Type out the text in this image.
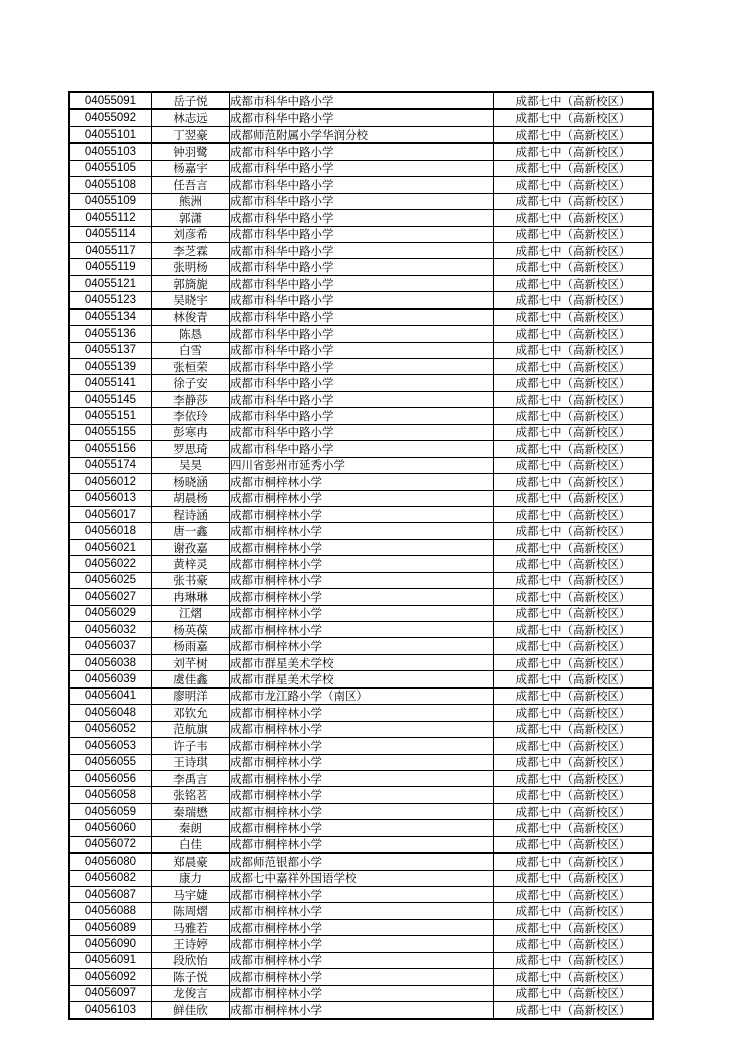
04055091	岳子悦	成都市科华中路小学	成都七中（高新校区）
04055092	林志远	成都市科华中路小学	成都七中（高新校区）
04055101	丁翌豪	成都师范附属小学华润分校	成都七中（高新校区）
04055103	钟羽鹭	成都市科华中路小学	成都七中（高新校区）
04055105	杨嘉宇	成都市科华中路小学	成都七中（高新校区）
04055108	任吾言	成都市科华中路小学	成都七中（高新校区）
04055109	熊洲	成都市科华中路小学	成都七中（高新校区）
04055112	郭潇	成都市科华中路小学	成都七中（高新校区）
04055114	刘彦希	成都市科华中路小学	成都七中（高新校区）
04055117	李芝霖	成都市科华中路小学	成都七中（高新校区）
04055119	张明杨	成都市科华中路小学	成都七中（高新校区）
04055121	郭旖旎	成都市科华中路小学	成都七中（高新校区）
04055123	吴晓宇	成都市科华中路小学	成都七中（高新校区）
04055134	林俊青	成都市科华中路小学	成都七中（高新校区）
04055136	陈恳	成都市科华中路小学	成都七中（高新校区）
04055137	白雪	成都市科华中路小学	成都七中（高新校区）
04055139	张桓荣	成都市科华中路小学	成都七中（高新校区）
04055141	徐子安	成都市科华中路小学	成都七中（高新校区）
04055145	李静莎	成都市科华中路小学	成都七中（高新校区）
04055151	李依玲	成都市科华中路小学	成都七中（高新校区）
04055155	彭寒冉	成都市科华中路小学	成都七中（高新校区）
04055156	罗思琦	成都市科华中路小学	成都七中（高新校区）
04055174	吴昊	四川省彭州市延秀小学	成都七中（高新校区）
04056012	杨晓涵	成都市桐梓林小学	成都七中（高新校区）
04056013	胡晨杨	成都市桐梓林小学	成都七中（高新校区）
04056017	程诗涵	成都市桐梓林小学	成都七中（高新校区）
04056018	唐一鑫	成都市桐梓林小学	成都七中（高新校区）
04056021	谢孜嘉	成都市桐梓林小学	成都七中（高新校区）
04056022	黄梓灵	成都市桐梓林小学	成都七中（高新校区）
04056025	张书豪	成都市桐梓林小学	成都七中（高新校区）
04056027	冉琳琳	成都市桐梓林小学	成都七中（高新校区）
04056029	江熠	成都市桐梓林小学	成都七中（高新校区）
04056032	杨英葆	成都市桐梓林小学	成都七中（高新校区）
04056037	杨雨嘉	成都市桐梓林小学	成都七中（高新校区）
04056038	刘芊树	成都市群星美术学校	成都七中（高新校区）
04056039	虞佳鑫	成都市群星美术学校	成都七中（高新校区）
04056041	廖明洋	成都市龙江路小学（南区）	成都七中（高新校区）
04056048	邓钦允	成都市桐梓林小学	成都七中（高新校区）
04056052	范航旗	成都市桐梓林小学	成都七中（高新校区）
04056053	许子韦	成都市桐梓林小学	成都七中（高新校区）
04056055	王诗琪	成都市桐梓林小学	成都七中（高新校区）
04056056	李禹言	成都市桐梓林小学	成都七中（高新校区）
04056058	张铭茗	成都市桐梓林小学	成都七中（高新校区）
04056059	秦瑞懋	成都市桐梓林小学	成都七中（高新校区）
04056060	秦朗	成都市桐梓林小学	成都七中（高新校区）
04056072	白佳	成都市桐梓林小学	成都七中（高新校区）
04056080	郑晨豪	成都师范银都小学	成都七中（高新校区）
04056082	康力	成都七中嘉祥外国语学校	成都七中（高新校区）
04056087	马宇婕	成都市桐梓林小学	成都七中（高新校区）
04056088	陈周熠	成都市桐梓林小学	成都七中（高新校区）
04056089	马雅若	成都市桐梓林小学	成都七中（高新校区）
04056090	王诗婷	成都市桐梓林小学	成都七中（高新校区）
04056091	段欣怡	成都市桐梓林小学	成都七中（高新校区）
04056092	陈子悦	成都市桐梓林小学	成都七中（高新校区）
04056097	龙俊言	成都市桐梓林小学	成都七中（高新校区）
04056103	鲜佳欣	成都市桐梓林小学	成都七中（高新校区）
